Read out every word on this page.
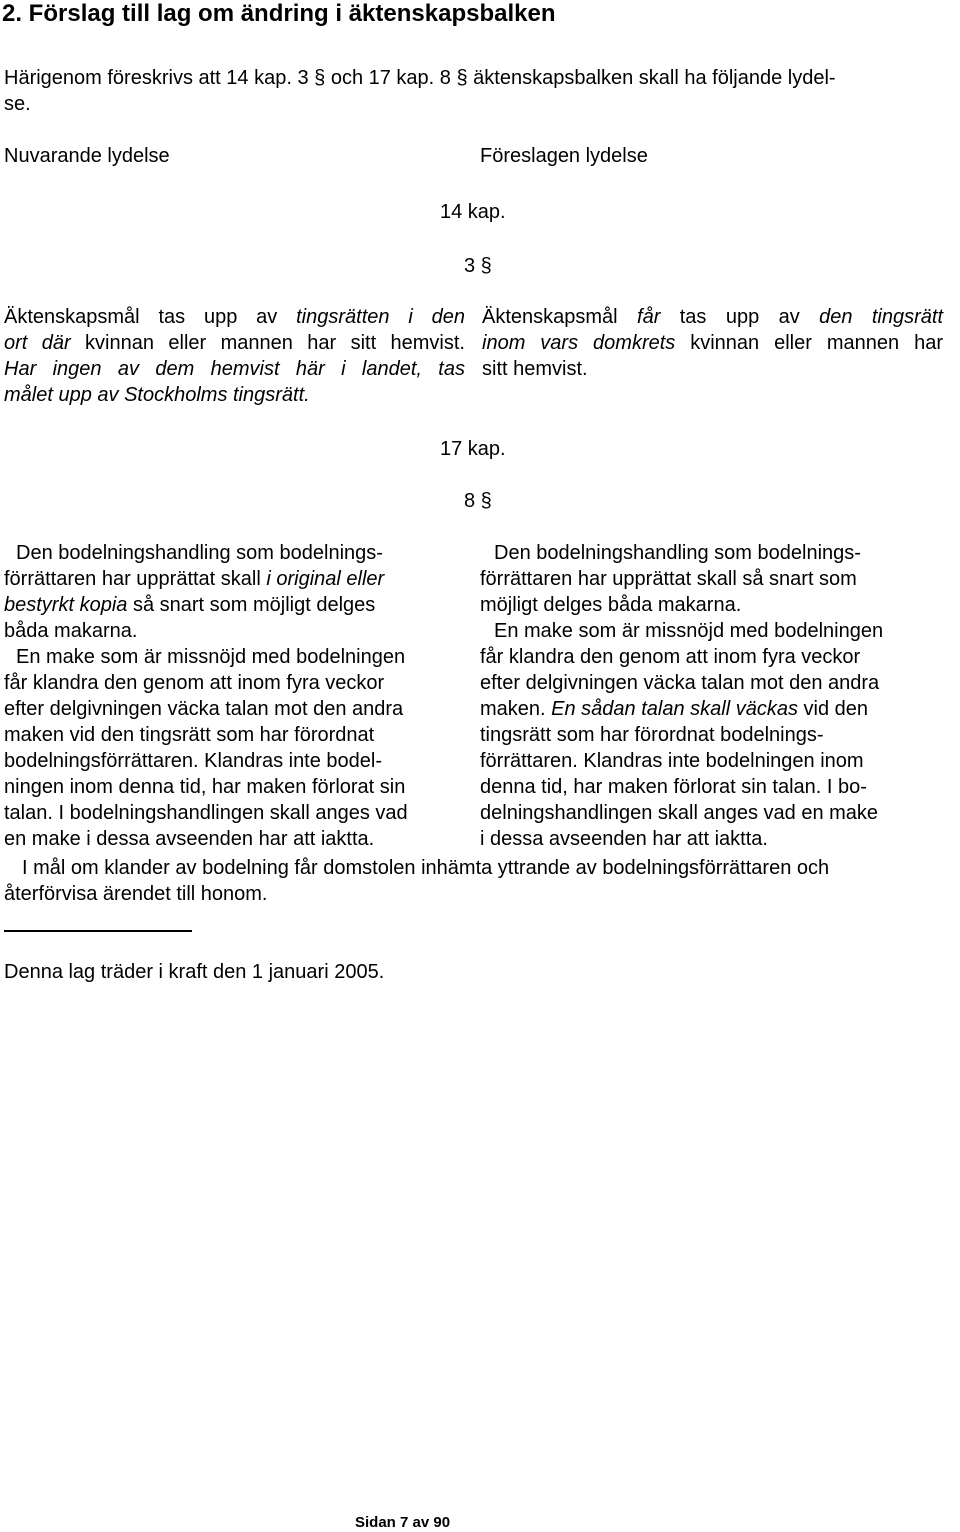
2. Förslag till lag om ändring i äktenskapsbalken
Härigenom föreskrivs att 14 kap. 3 § och 17 kap. 8 § äktenskapsbalken skall ha följande lydel-
se.
Nuvarande lydelse	Föreslagen lydelse
14 kap.
3 §
Äktenskapsmål tas upp av tingsrätten i den
ort där kvinnan eller mannen har sitt hemvist.
Har ingen av dem hemvist här i landet, tas
målet upp av Stockholms tingsrätt.
Äktenskapsmål får tas upp av den tingsrätt
inom vars domkrets kvinnan eller mannen har
sitt hemvist.
17 kap.
8 §
Den bodelningshandling som bodelnings-
förrättaren har upprättat skall i original eller
bestyrkt kopia så snart som möjligt delges
båda makarna.
En make som är missnöjd med bodelningen
får klandra den genom att inom fyra veckor
efter delgivningen väcka talan mot den andra
maken vid den tingsrätt som har förordnat
bodelningsförrättaren. Klandras inte bodel-
ningen inom denna tid, har maken förlorat sin
talan. I bodelningshandlingen skall anges vad
en make i dessa avseenden har att iaktta.
Den bodelningshandling som bodelnings-
förrättaren har upprättat skall så snart som
möjligt delges båda makarna.
En make som är missnöjd med bodelningen
får klandra den genom att inom fyra veckor
efter delgivningen väcka talan mot den andra
maken. En sådan talan skall väckas vid den
tingsrätt som har förordnat bodelnings-
förrättaren. Klandras inte bodelningen inom
denna tid, har maken förlorat sin talan. I bo-
delningshandlingen skall anges vad en make
i dessa avseenden har att iaktta.
I mål om klander av bodelning får domstolen inhämta yttrande av bodelningsförrättaren och
återförvisa ärendet till honom.
Denna lag träder i kraft den 1 januari 2005.
Sidan 7 av 90
